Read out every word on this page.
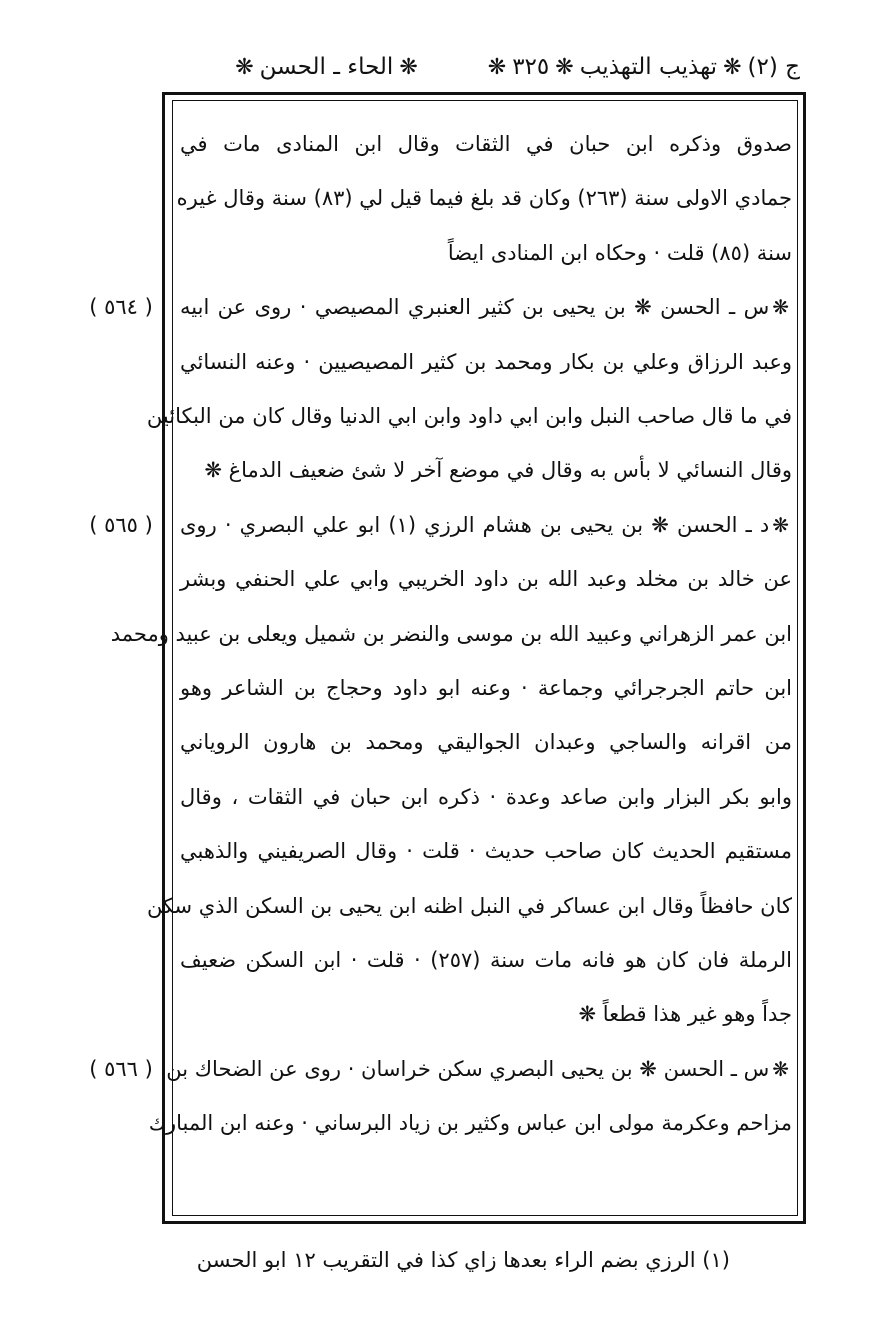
ج (٢)
❋
تهذيب التهذيب
❋
٣٢٥
❋
❋
الحاء ـ الحسن
❋
صدوق وذكره ابن حبان في الثقات وقال ابن المنادى مات في
جمادي الاولى سنة (٢٦٣) وكان قد بلغ فيما قيل لي (٨٣) سنة وقال غيره
سنة (٨٥) قلت · وحكاه ابن المنادى ايضاً
❋س ـ الحسن ❋ بن يحيى بن كثير العنبري المصيصي · روى عن ابيه
( ٥٦٤ )
وعبد الرزاق وعلي بن بكار ومحمد بن كثير المصيصيين · وعنه النسائي
في ما قال صاحب النبل وابن ابي داود وابن ابي الدنيا وقال كان من البكائين
وقال النسائي لا بأس به وقال في موضع آخر لا شئ ضعيف الدماغ ❋
❋د ـ الحسن ❋ بن يحيى بن هشام الرزي (١) ابو علي البصري · روى
( ٥٦٥ )
عن خالد بن مخلد وعبد الله بن داود الخريبي وابي علي الحنفي وبشر
ابن عمر الزهراني وعبيد الله بن موسى والنضر بن شميل ويعلى بن عبيد ومحمد
ابن حاتم الجرجرائي وجماعة · وعنه ابو داود وحجاج بن الشاعر وهو
من اقرانه والساجي وعبدان الجواليقي ومحمد بن هارون الروياني
وابو بكر البزار وابن صاعد وعدة · ذكره ابن حبان في الثقات ، وقال
مستقيم الحديث كان صاحب حديث · قلت · وقال الصريفيني والذهبي
كان حافظاً وقال ابن عساكر في النبل اظنه ابن يحيى بن السكن الذي سكن
الرملة فان كان هو فانه مات سنة (٢٥٧) · قلت · ابن السكن ضعيف
جداً وهو غير هذا قطعاً ❋
❋س ـ الحسن ❋ بن يحيى البصري سكن خراسان · روى عن الضحاك بن
( ٥٦٦ )
مزاحم وعكرمة مولى ابن عباس وكثير بن زياد البرساني · وعنه ابن المبارك
(١) الرزي بضم الراء بعدها زاي كذا في التقريب ١٢ ابو الحسن
